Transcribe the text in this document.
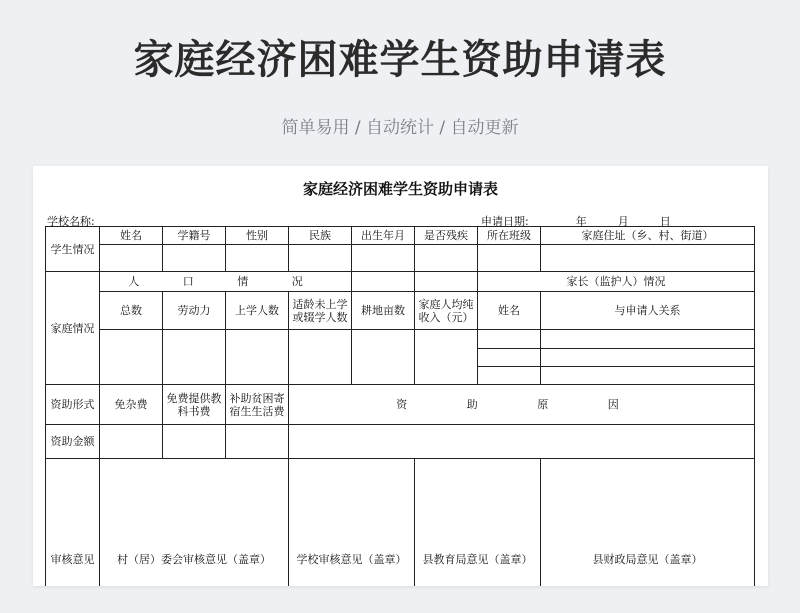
家庭经济困难学生资助申请表
简单易用 / 自动统计 / 自动更新
家庭经济困难学生资助申请表
学校名称:	申请日期:	年	月	日
学生情况	姓名	学籍号	性别	民族	出生年月	是否残疾	所在班级	家庭住址（乡、村、街道）

家庭情况	人 口 情 况						家长（监护人）情况	
	总数	劳动力	上学人数	适龄未上学或辍学人数	耕地亩数	家庭人均纯收入（元）	姓名	与申请人关系

资助形式	免杂费	免费提供教科书费	补助贫困寄宿生生活费	资 助 原 因				
资助金额								
审核意见	村（居）委会审核意见（盖章）			学校审核意见（盖章）		县教育局意见（盖章）		县财政局意见（盖章）
